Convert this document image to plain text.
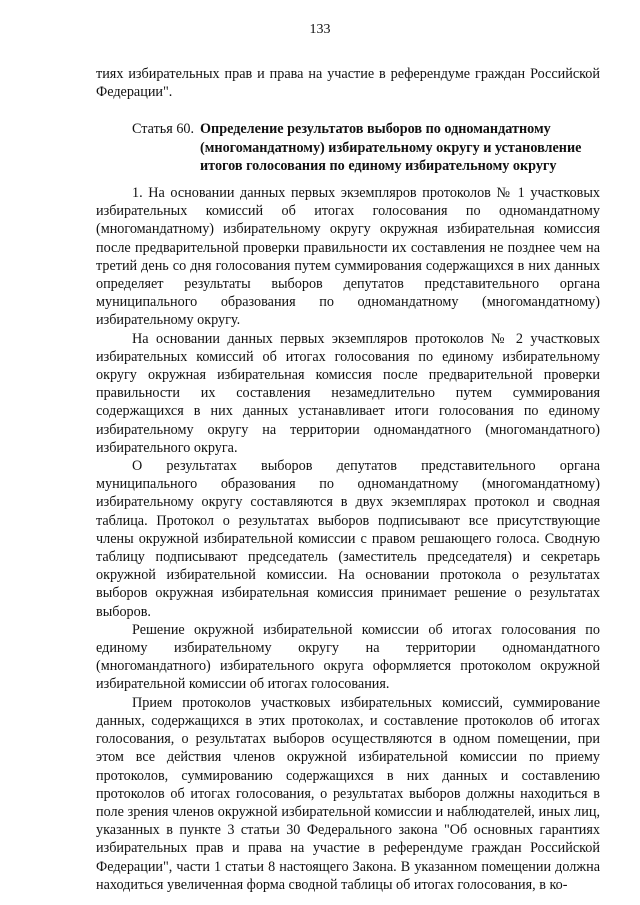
133
тиях избирательных прав и права на участие в референдуме граждан Российской Федерации".
Статья 60. Определение результатов выборов по одномандатному (многомандатному) избирательному округу и установление итогов голосования по единому избирательному округу

1. На основании данных первых экземпляров протоколов № 1 участковых избирательных комиссий об итогах голосования по одномандатному (многомандатному) избирательному округу окружная избирательная комиссия после предварительной проверки правильности их составления не позднее чем на третий день со дня голосования путем суммирования содержащихся в них данных определяет результаты выборов депутатов представительного органа муниципального образования по одномандатному (многомандатному) избирательному округу.

На основании данных первых экземпляров протоколов № 2 участковых избирательных комиссий об итогах голосования по единому избирательному округу окружная избирательная комиссия после предварительной проверки правильности их составления незамедлительно путем суммирования содержащихся в них данных устанавливает итоги голосования по единому избирательному округу на территории одномандатного (многомандатного) избирательного округа.

О результатах выборов депутатов представительного органа муниципального образования по одномандатному (многомандатному) избирательному округу составляются в двух экземплярах протокол и сводная таблица. Протокол о результатах выборов подписывают все присутствующие члены окружной избирательной комиссии с правом решающего голоса. Сводную таблицу подписывают председатель (заместитель председателя) и секретарь окружной избирательной комиссии. На основании протокола о результатах выборов окружная избирательная комиссия принимает решение о результатах выборов.

Решение окружной избирательной комиссии об итогах голосования по единому избирательному округу на территории одномандатного (многомандатного) избирательного округа оформляется протоколом окружной избирательной комиссии об итогах голосования.

Прием протоколов участковых избирательных комиссий, суммирование данных, содержащихся в этих протоколах, и составление протоколов об итогах голосования, о результатах выборов осуществляются в одном помещении, при этом все действия членов окружной избирательной комиссии по приему протоколов, суммированию содержащихся в них данных и составлению протоколов об итогах голосования, о результатах выборов должны находиться в поле зрения членов окружной избирательной комиссии и наблюдателей, иных лиц, указанных в пункте 3 статьи 30 Федерального закона "Об основных гарантиях избирательных прав и права на участие в референдуме граждан Российской Федерации", части 1 статьи 8 настоящего Закона. В указанном помещении должна находиться увеличенная форма сводной таблицы об итогах голосования, в ко-
